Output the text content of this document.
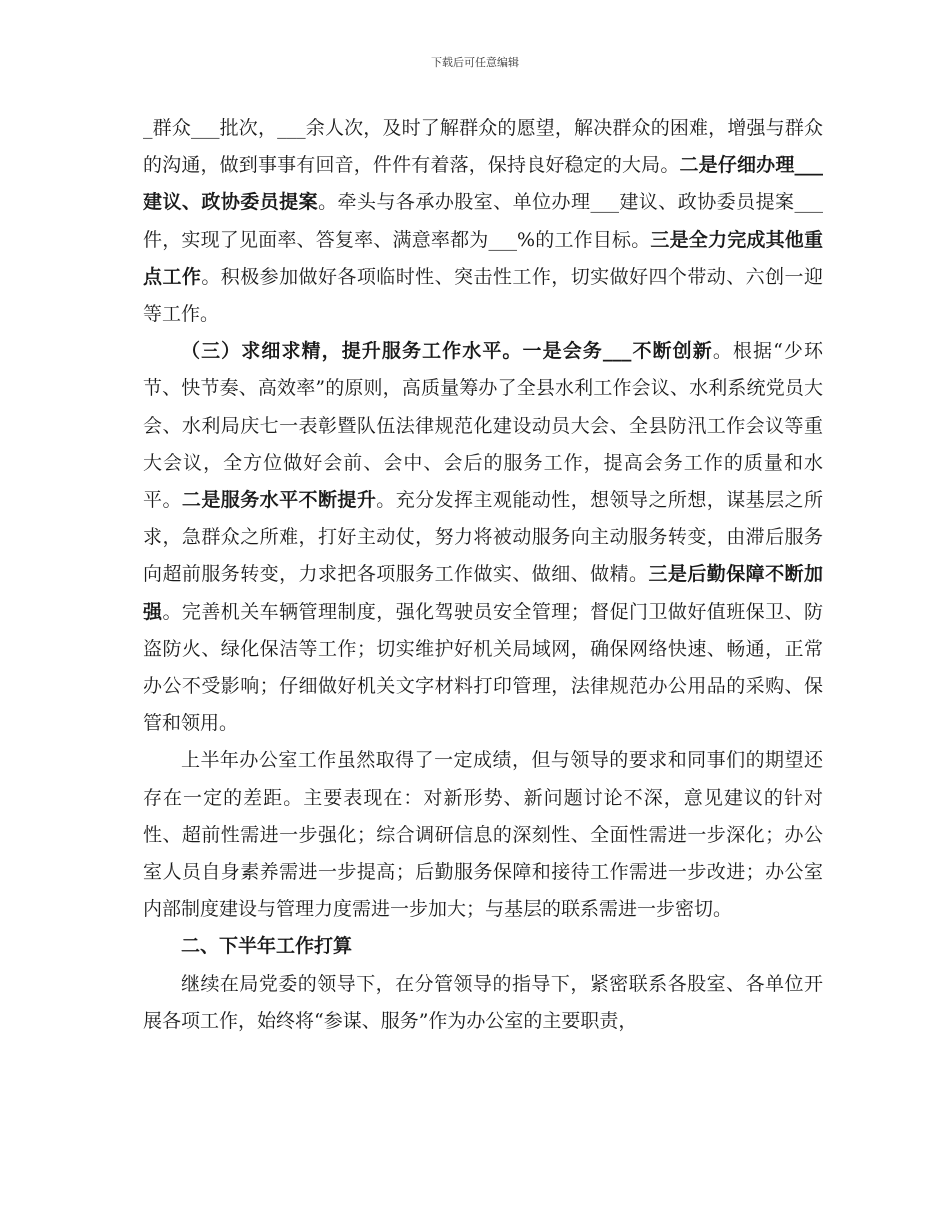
下载后可任意编辑

_群众___批次，___余人次，及时了解群众的愿望，解决群众的困难，增强与群众的沟通，做到事事有回音，件件有着落，保持良好稳定的大局。二是仔细办理___建议、政协委员提案。牵头与各承办股室、单位办理___建议、政协委员提案___件，实现了见面率、答复率、满意率都为___%的工作目标。三是全力完成其他重点工作。积极参加做好各项临时性、突击性工作，切实做好四个带动、六创一迎等工作。

（三）求细求精，提升服务工作水平。一是会务___不断创新。根据“少环节、快节奏、高效率”的原则，高质量筹办了全县水利工作会议、水利系统党员大会、水利局庆七一表彰暨队伍法律规范化建设动员大会、全县防汛工作会议等重大会议，全方位做好会前、会中、会后的服务工作，提高会务工作的质量和水平。二是服务水平不断提升。充分发挥主观能动性，想领导之所想，谋基层之所求，急群众之所难，打好主动仗，努力将被动服务向主动服务转变，由滞后服务向超前服务转变，力求把各项服务工作做实、做细、做精。三是后勤保障不断加强。完善机关车辆管理制度，强化驾驶员安全管理；督促门卫做好值班保卫、防盗防火、绿化保洁等工作；切实维护好机关局域网，确保网络快速、畅通，正常办公不受影响；仔细做好机关文字材料打印管理，法律规范办公用品的采购、保管和领用。

上半年办公室工作虽然取得了一定成绩，但与领导的要求和同事们的期望还存在一定的差距。主要表现在：对新形势、新问题讨论不深，意见建议的针对性、超前性需进一步强化；综合调研信息的深刻性、全面性需进一步深化；办公室人员自身素养需进一步提高；后勤服务保障和接待工作需进一步改进；办公室内部制度建设与管理力度需进一步加大；与基层的联系需进一步密切。

二、下半年工作打算

继续在局党委的领导下，在分管领导的指导下，紧密联系各股室、各单位开展各项工作，始终将“参谋、服务”作为办公室的主要职责，
